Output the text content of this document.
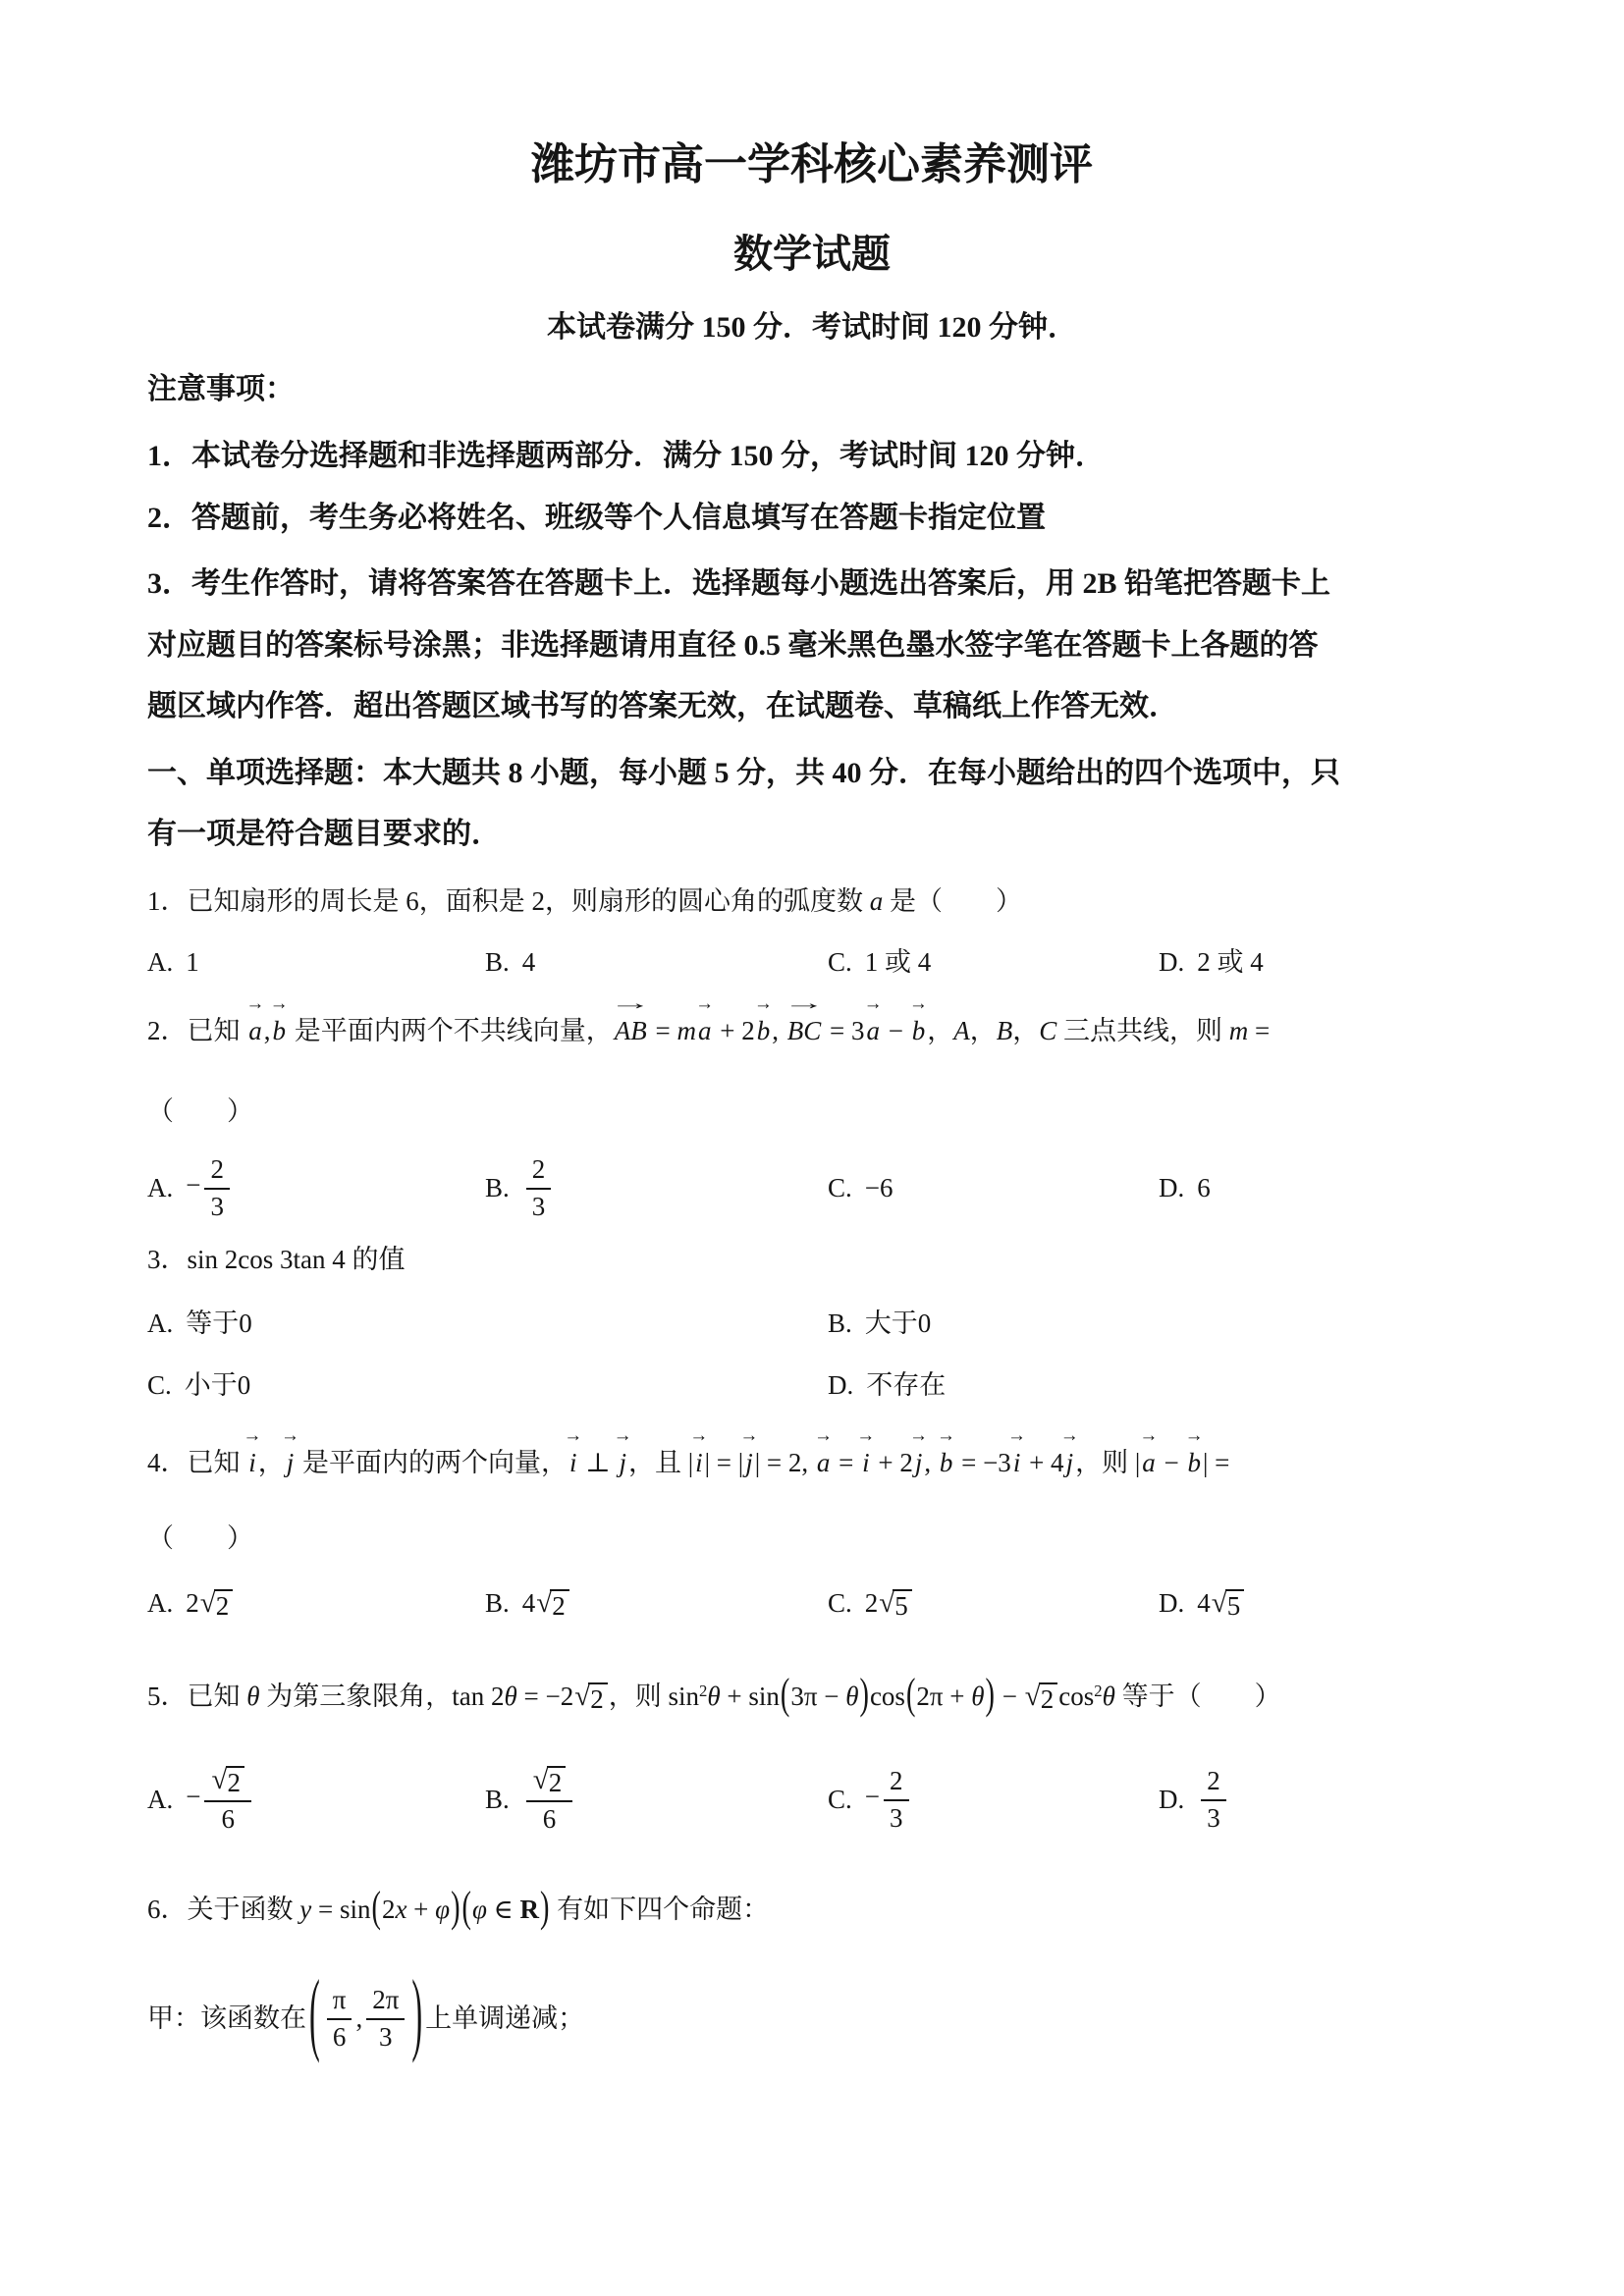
潍坊市高一学科核心素养测评
数学试题
本试卷满分 150 分．考试时间 120 分钟．
注意事项：
1．本试卷分选择题和非选择题两部分．满分 150 分，考试时间 120 分钟．
2．答题前，考生务必将姓名、班级等个人信息填写在答题卡指定位置
3．考生作答时，请将答案答在答题卡上．选择题每小题选出答案后，用 2B 铅笔把答题卡上
对应题目的答案标号涂黑；非选择题请用直径 0.5 毫米黑色墨水签字笔在答题卡上各题的答
题区域内作答．超出答题区域书写的答案无效，在试题卷、草稿纸上作答无效．
一、单项选择题：本大题共 8 小题，每小题 5 分，共 40 分．在每小题给出的四个选项中，只
有一项是符合题目要求的．
1．已知扇形的周长是 6，面积是 2，则扇形的圆心角的弧度数 a 是（　　）
A. 1	B. 4	C. 1 或 4	D. 2 或 4
2．已知 → a,→ b 是平面内两个不共线向量，→ AB = m→ a + 2→ b, → BC = 3→ a − → b，A，B，C 三点共线，则 m =
（　　）
A. − $\frac{2}{3}$	B. $\frac{2}{3}$	C. −6	D. 6
3．sin 2cos 3tan 4 的值
A. 等于0	B. 大于0
C. 小于0	D. 不存在
4．已知 → i，→ j 是平面内的两个向量，→ i ⊥ → j，且 |→ i| = |→ j| = 2, → a = → i + 2→ j, → b = −3→ i + 4→ j，则 |→ a − → b| =
（　　）
A. 2 √ 2	B. 4 √ 2	C. 2 √ 5	D. 4 √ 5
5．已知 θ 为第三象限角，tan 2θ = −2 √ 2 ，则 $\sin^2\theta + \sin(3\pi - \theta)\cos(2\pi + \theta)$ − √ 2 $\cos^2\theta$ 等于（　　）
A. − $\frac{√ 2}{6}$	B. $\frac{√ 2}{6}$	C. − $\frac{2}{3}$	D. $\frac{2}{3}$
6．关于函数 y = sin(2x + φ)(φ ∈ R) 有如下四个命题：
甲：该函数在 ( $\frac{\pi}{6}$ , $\frac{2\pi}{3}$ ) 上单调递减；
